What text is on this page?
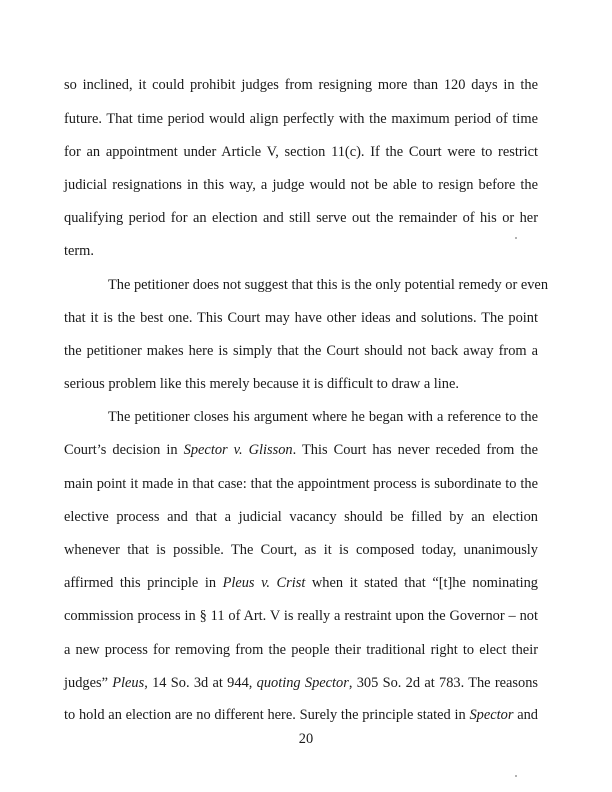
so inclined, it could prohibit judges from resigning more than 120 days in the
future. That time period would align perfectly with the maximum period of time
for an appointment under Article V, section 11(c). If the Court were to restrict
judicial resignations in this way, a judge would not be able to resign before the
qualifying period for an election and still serve out the remainder of his or her
term.
The petitioner does not suggest that this is the only potential remedy or even
that it is the best one. This Court may have other ideas and solutions. The point
the petitioner makes here is simply that the Court should not back away from a
serious problem like this merely because it is difficult to draw a line.
The petitioner closes his argument where he began with a reference to the
Court’s decision in Spector v. Glisson. This Court has never receded from the
main point it made in that case: that the appointment process is subordinate to the
elective process and that a judicial vacancy should be filled by an election
whenever that is possible. The Court, as it is composed today, unanimously
affirmed this principle in Pleus v. Crist when it stated that “[t]he nominating
commission process in § 11 of Art. V is really a restraint upon the Governor – not
a new process for removing from the people their traditional right to elect their
judges” Pleus, 14 So. 3d at 944, quoting Spector, 305 So. 2d at 783. The reasons
to hold an election are no different here. Surely the principle stated in Spector and
20
